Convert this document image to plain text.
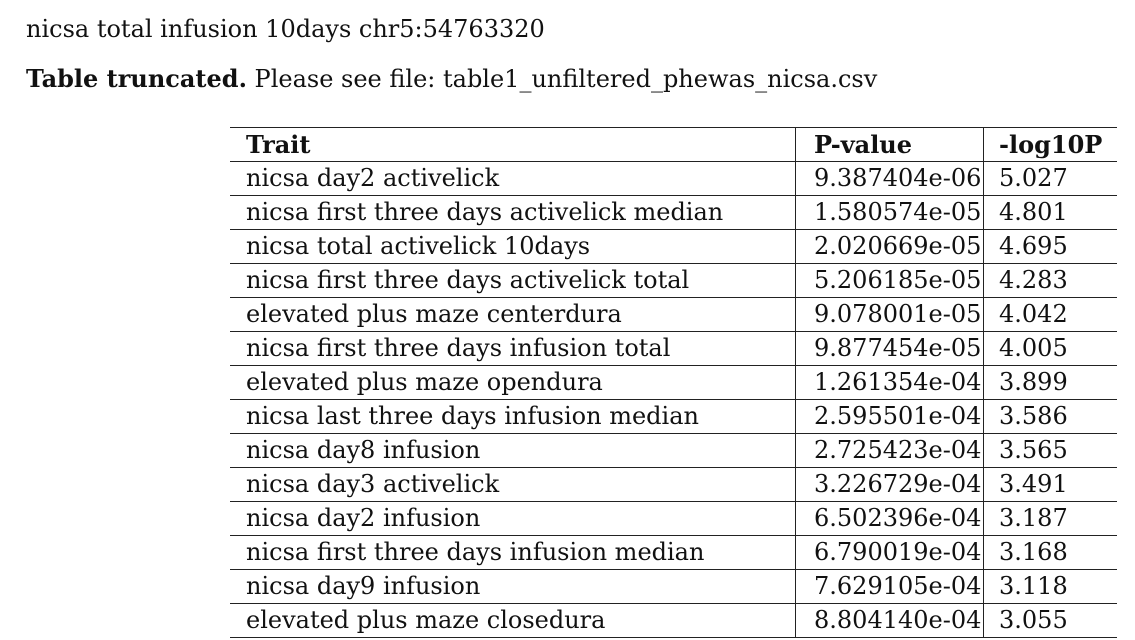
nicsa total infusion 10days chr5:54763320
Table truncated. Please see file: table1_unfiltered_phewas_nicsa.csv
Trait	P-value	-log10P
nicsa day2 activelick	9.387404e-06	5.027
nicsa first three days activelick median	1.580574e-05	4.801
nicsa total activelick 10days	2.020669e-05	4.695
nicsa first three days activelick total	5.206185e-05	4.283
elevated plus maze centerdura	9.078001e-05	4.042
nicsa first three days infusion total	9.877454e-05	4.005
elevated plus maze opendura	1.261354e-04	3.899
nicsa last three days infusion median	2.595501e-04	3.586
nicsa day8 infusion	2.725423e-04	3.565
nicsa day3 activelick	3.226729e-04	3.491
nicsa day2 infusion	6.502396e-04	3.187
nicsa first three days infusion median	6.790019e-04	3.168
nicsa day9 infusion	7.629105e-04	3.118
elevated plus maze closedura	8.804140e-04	3.055
